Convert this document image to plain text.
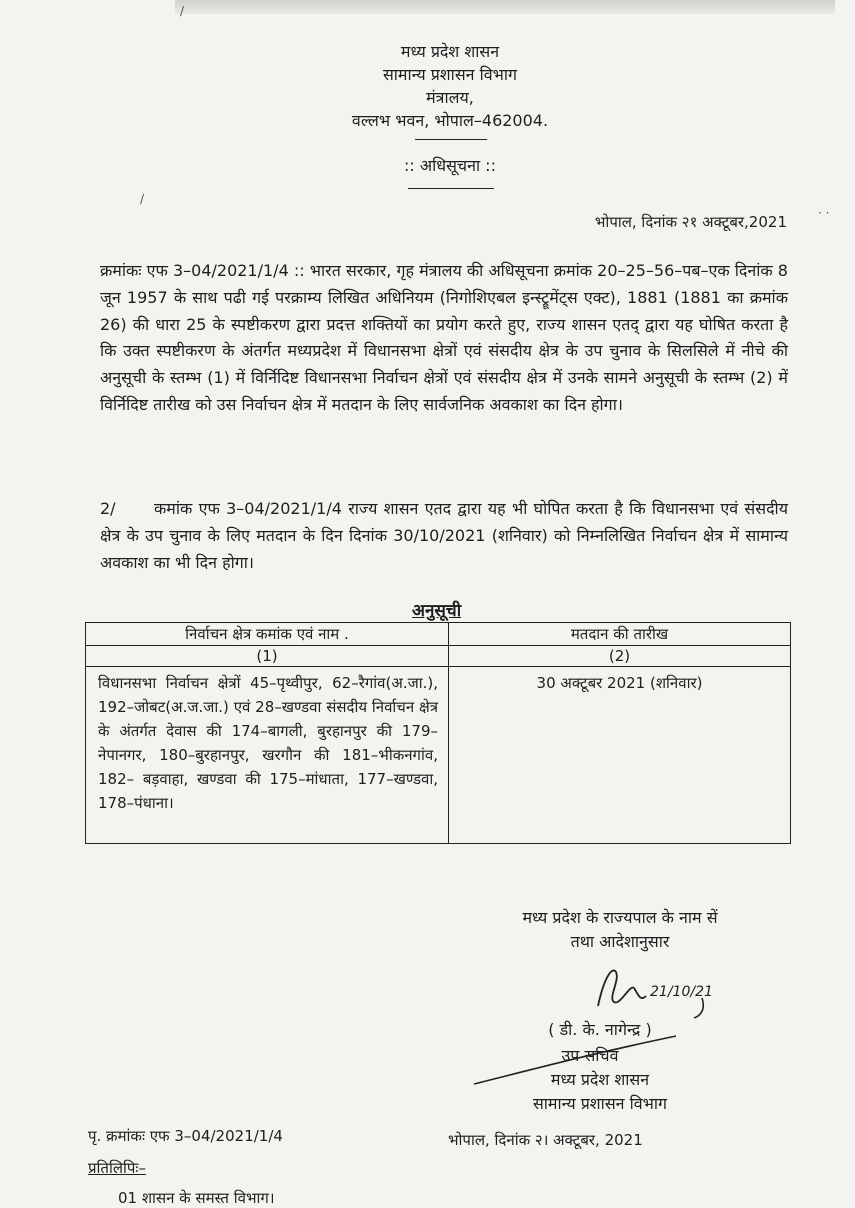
मध्य प्रदेश शासन
सामान्य प्रशासन विभाग
मंत्रालय,
वल्लभ भवन, भोपाल–462004.
:: अधिसूचना ::
भोपाल, दिनांक २१ अक्टूबर,2021
क्रमांकः एफ 3–04/2021/1/4 :: भारत सरकार, गृह मंत्रालय की अधिसूचना क्रमांक 20–25–56–पब–एक दिनांक 8 जून 1957 के साथ पढी गई परक्राम्य लिखित अधिनियम (निगोशिएबल इन्स्ट्रूमेंट्स एक्ट), 1881 (1881 का क्रमांक 26) की धारा 25 के स्पष्टीकरण द्वारा प्रदत्त शक्तियों का प्रयोग करते हुए, राज्य शासन एतद् द्वारा यह घोषित करता है कि उक्त स्पष्टीकरण के अंतर्गत मध्यप्रदेश में विधानसभा क्षेत्रों एवं संसदीय क्षेत्र के उप चुनाव के सिलसिले में नीचे की अनुसूची के स्तम्भ (1) में विर्निदिष्ट विधानसभा निर्वाचन क्षेत्रों एवं संसदीय क्षेत्र में उनके सामने अनुसूची के स्तम्भ (2) में विर्निदिष्ट तारीख को उस निर्वाचन क्षेत्र में मतदान के लिए सार्वजनिक अवकाश का दिन होगा।
2/ कमांक एफ 3–04/2021/1/4 राज्य शासन एतद द्वारा यह भी घोपित करता है कि विधानसभा एवं संसदीय क्षेत्र के उप चुनाव के लिए मतदान के दिन दिनांक 30/10/2021 (शनिवार) को निम्नलिखित निर्वाचन क्षेत्र में सामान्य अवकाश का भी दिन होगा।
अनुसूची
निर्वाचन क्षेत्र कमांक एवं नाम .	मतदान की तारीख
(1)	(2)
विधानसभा निर्वाचन क्षेत्रों 45–पृथ्वीपुर, 62–रैगांव(अ.जा.), 192–जोबट(अ.ज.जा.) एवं 28–खण्डवा संसदीय निर्वाचन क्षेत्र के अंतर्गत देवास की 174–बागली, बुरहानपुर की 179–नेपानगर, 180–बुरहानपुर, खरगौन की 181–भीकनगांव, 182– बड़वाहा, खण्डवा की 175–मांधाता, 177–खण्डवा, 178–पंधाना।	30 अक्टूबर 2021 (शनिवार)
मध्य प्रदेश के राज्यपाल के नाम सें
तथा आदेशानुसार
21/10/21
( डी. के. नागेन्द्र )
उप सचिव
मध्य प्रदेश शासन
सामान्य प्रशासन विभाग
पृ. क्रमांकः एफ 3–04/2021/1/4	भोपाल, दिनांक २। अक्टूबर, 2021
प्रतिलिपिः–
01 शासन के समस्त विभाग।
/
/
· ·
